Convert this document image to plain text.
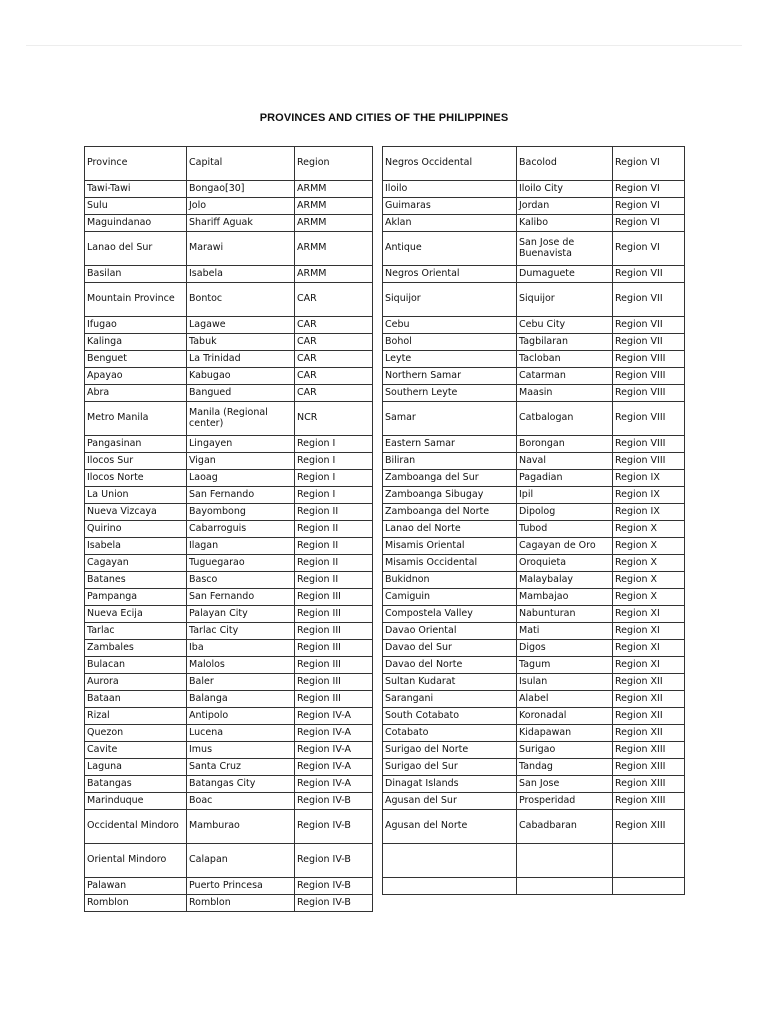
PROVINCES AND CITIES OF THE PHILIPPINES
Province	Capital	Region
Tawi-Tawi	Bongao[30]	ARMM
Sulu	Jolo	ARMM
Maguindanao	Shariff Aguak	ARMM
Lanao del Sur	Marawi	ARMM
Basilan	Isabela	ARMM
Mountain Province	Bontoc	CAR
Ifugao	Lagawe	CAR
Kalinga	Tabuk	CAR
Benguet	La Trinidad	CAR
Apayao	Kabugao	CAR
Abra	Bangued	CAR
Metro Manila	Manila (Regional center)	NCR
Pangasinan	Lingayen	Region I
Ilocos Sur	Vigan	Region I
Ilocos Norte	Laoag	Region I
La Union	San Fernando	Region I
Nueva Vizcaya	Bayombong	Region II
Quirino	Cabarroguis	Region II
Isabela	Ilagan	Region II
Cagayan	Tuguegarao	Region II
Batanes	Basco	Region II
Pampanga	San Fernando	Region III
Nueva Ecija	Palayan City	Region III
Tarlac	Tarlac City	Region III
Zambales	Iba	Region III
Bulacan	Malolos	Region III
Aurora	Baler	Region III
Bataan	Balanga	Region III
Rizal	Antipolo	Region IV-A
Quezon	Lucena	Region IV-A
Cavite	Imus	Region IV-A
Laguna	Santa Cruz	Region IV-A
Batangas	Batangas City	Region IV-A
Marinduque	Boac	Region IV-B
Occidental Mindoro	Mamburao	Region IV-B
Oriental Mindoro	Calapan	Region IV-B
Palawan	Puerto Princesa	Region IV-B
Romblon	Romblon	Region IV-B
Negros Occidental	Bacolod	Region VI
Iloilo	Iloilo City	Region VI
Guimaras	Jordan	Region VI
Aklan	Kalibo	Region VI
Antique	San Jose de Buenavista	Region VI
Negros Oriental	Dumaguete	Region VII
Siquijor	Siquijor	Region VII
Cebu	Cebu City	Region VII
Bohol	Tagbilaran	Region VII
Leyte	Tacloban	Region VIII
Northern Samar	Catarman	Region VIII
Southern Leyte	Maasin	Region VIII
Samar	Catbalogan	Region VIII
Eastern Samar	Borongan	Region VIII
Biliran	Naval	Region VIII
Zamboanga del Sur	Pagadian	Region IX
Zamboanga Sibugay	Ipil	Region IX
Zamboanga del Norte	Dipolog	Region IX
Lanao del Norte	Tubod	Region X
Misamis Oriental	Cagayan de Oro	Region X
Misamis Occidental	Oroquieta	Region X
Bukidnon	Malaybalay	Region X
Camiguin	Mambajao	Region X
Compostela Valley	Nabunturan	Region XI
Davao Oriental	Mati	Region XI
Davao del Sur	Digos	Region XI
Davao del Norte	Tagum	Region XI
Sultan Kudarat	Isulan	Region XII
Sarangani	Alabel	Region XII
South Cotabato	Koronadal	Region XII
Cotabato	Kidapawan	Region XII
Surigao del Norte	Surigao	Region XIII
Surigao del Sur	Tandag	Region XIII
Dinagat Islands	San Jose	Region XIII
Agusan del Sur	Prosperidad	Region XIII
Agusan del Norte	Cabadbaran	Region XIII
